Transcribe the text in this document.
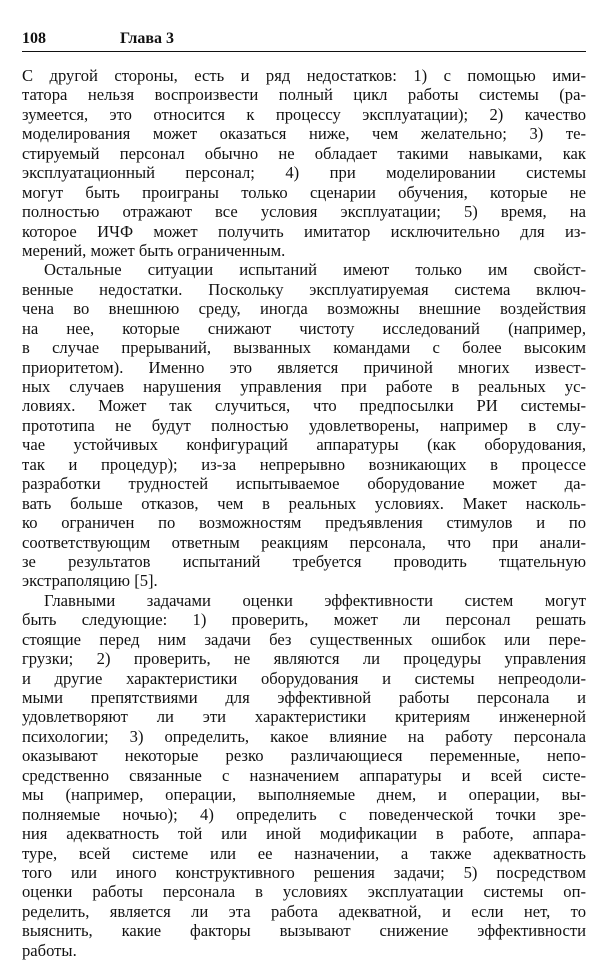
108	Глава 3
С другой стороны, есть и ряд недостатков: 1) с помощью ими-
татора нельзя воспроизвести полный цикл работы системы (ра-
зумеется, это относится к процессу эксплуатации); 2) качество
моделирования может оказаться ниже, чем желательно; 3) те-
стируемый персонал обычно не обладает такими навыками, как
эксплуатационный персонал; 4) при моделировании системы
могут быть проиграны только сценарии обучения, которые не
полностью отражают все условия эксплуатации; 5) время, на
которое ИЧФ может получить имитатор исключительно для из-
мерений, может быть ограниченным.
Остальные ситуации испытаний имеют только им свойст-
венные недостатки. Поскольку эксплуатируемая система включ-
чена во внешнюю среду, иногда возможны внешние воздействия
на нее, которые снижают чистоту исследований (например,
в случае прерываний, вызванных командами с более высоким
приоритетом). Именно это является причиной многих извест-
ных случаев нарушения управления при работе в реальных ус-
ловиях. Может так случиться, что предпосылки РИ системы-
прототипа не будут полностью удовлетворены, например в слу-
чае устойчивых конфигураций аппаратуры (как оборудования,
так и процедур); из-за непрерывно возникающих в процессе
разработки трудностей испытываемое оборудование может да-
вать больше отказов, чем в реальных условиях. Макет насколь-
ко ограничен по возможностям предъявления стимулов и по
соответствующим ответным реакциям персонала, что при анали-
зе результатов испытаний требуется проводить тщательную
экстраполяцию [5].
Главными задачами оценки эффективности систем могут
быть следующие: 1) проверить, может ли персонал решать
стоящие перед ним задачи без существенных ошибок или пере-
грузки; 2) проверить, не являются ли процедуры управления
и другие характеристики оборудования и системы непреодоли-
мыми препятствиями для эффективной работы персонала и
удовлетворяют ли эти характеристики критериям инженерной
психологии; 3) определить, какое влияние на работу персонала
оказывают некоторые резко различающиеся переменные, непо-
средственно связанные с назначением аппаратуры и всей систе-
мы (например, операции, выполняемые днем, и операции, вы-
полняемые ночью); 4) определить с поведенческой точки зре-
ния адекватность той или иной модификации в работе, аппара-
туре, всей системе или ее назначении, а также адекватность
того или иного конструктивного решения задачи; 5) посредством
оценки работы персонала в условиях эксплуатации системы оп-
ределить, является ли эта работа адекватной, и если нет, то
выяснить, какие факторы вызывают снижение эффективности
работы.
